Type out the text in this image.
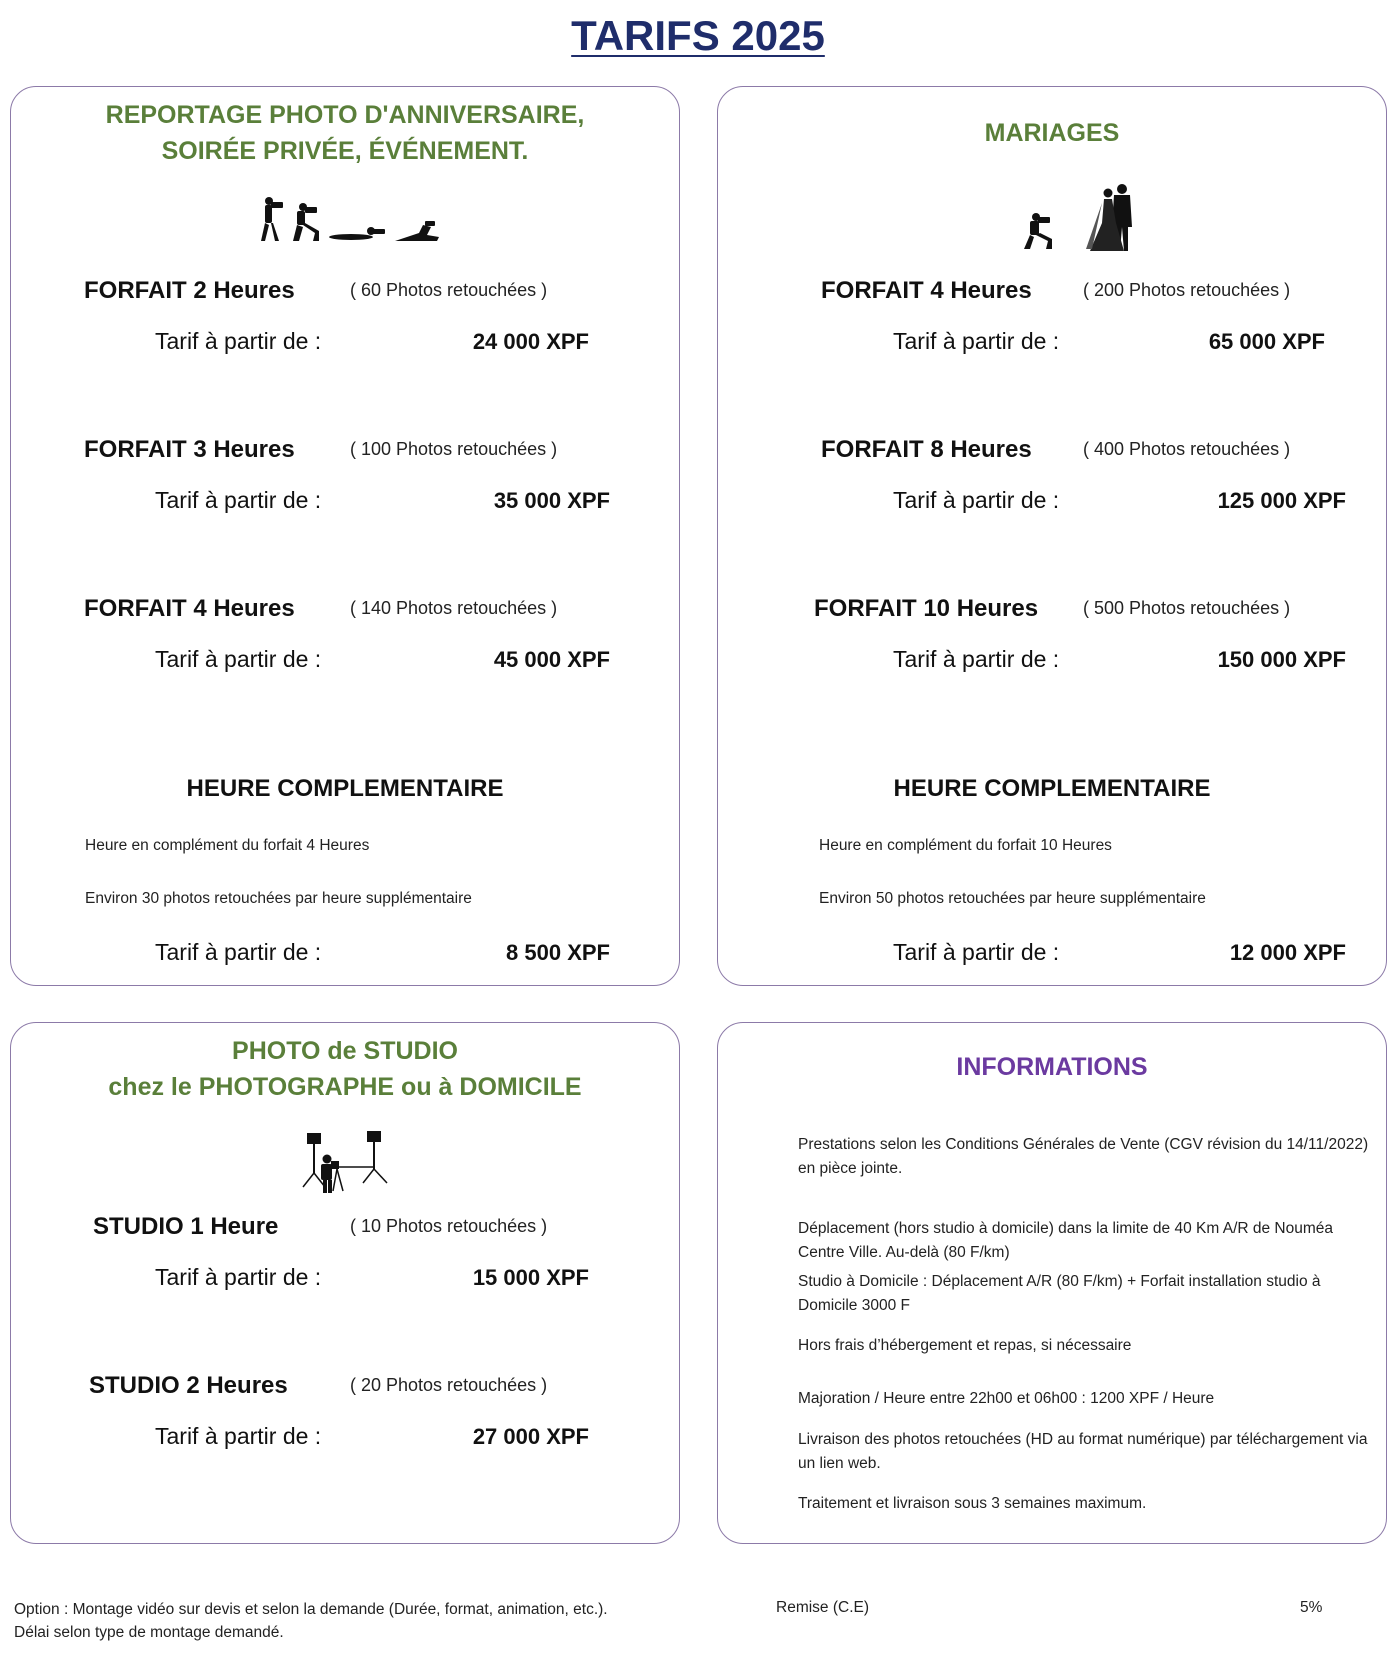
TARIFS 2025
REPORTAGE PHOTO D'ANNIVERSAIRE,
SOIRÉE PRIVÉE, ÉVÉNEMENT.
FORFAIT 2 Heures	( 60 Photos retouchées )
Tarif à partir de :	24 000 XPF
FORFAIT 3 Heures	( 100 Photos retouchées )
Tarif à partir de :	35 000 XPF
FORFAIT 4 Heures	( 140 Photos retouchées )
Tarif à partir de :	45 000 XPF
HEURE COMPLEMENTAIRE
Heure en complément du forfait 4 Heures
Environ 30 photos retouchées par heure supplémentaire
Tarif à partir de :	8 500 XPF
MARIAGES
FORFAIT 4 Heures	( 200 Photos retouchées )
Tarif à partir de :	65 000 XPF
FORFAIT 8 Heures	( 400 Photos retouchées )
Tarif à partir de :	125 000 XPF
FORFAIT 10 Heures ( 500 Photos retouchées )
Tarif à partir de :	150 000 XPF
HEURE COMPLEMENTAIRE
Heure en complément du forfait 10 Heures
Environ 50 photos retouchées par heure supplémentaire
Tarif à partir de :	12 000 XPF
PHOTO de STUDIO
chez le PHOTOGRAPHE ou à DOMICILE
STUDIO 1 Heure	( 10 Photos retouchées )
Tarif à partir de :	15 000 XPF
STUDIO 2 Heures	( 20 Photos retouchées )
Tarif à partir de :	27 000 XPF
INFORMATIONS
Prestations selon les Conditions Générales de Vente (CGV révision du 14/11/2022) en pièce jointe.
Déplacement (hors studio à domicile) dans la limite de 40 Km A/R de Nouméa Centre Ville. Au-delà (80 F/km)
Studio à Domicile : Déplacement A/R (80 F/km) + Forfait installation studio à Domicile 3000 F
Hors frais d’hébergement et repas, si nécessaire
Majoration / Heure entre 22h00 et 06h00 : 1200 XPF / Heure
Livraison des photos retouchées (HD au format numérique) par téléchargement via un lien web.
Traitement et livraison sous 3 semaines maximum.
Option : Montage vidéo sur devis et selon la demande (Durée, format, animation, etc.).
Délai selon type de montage demandé.
Remise (C.E)	5%
